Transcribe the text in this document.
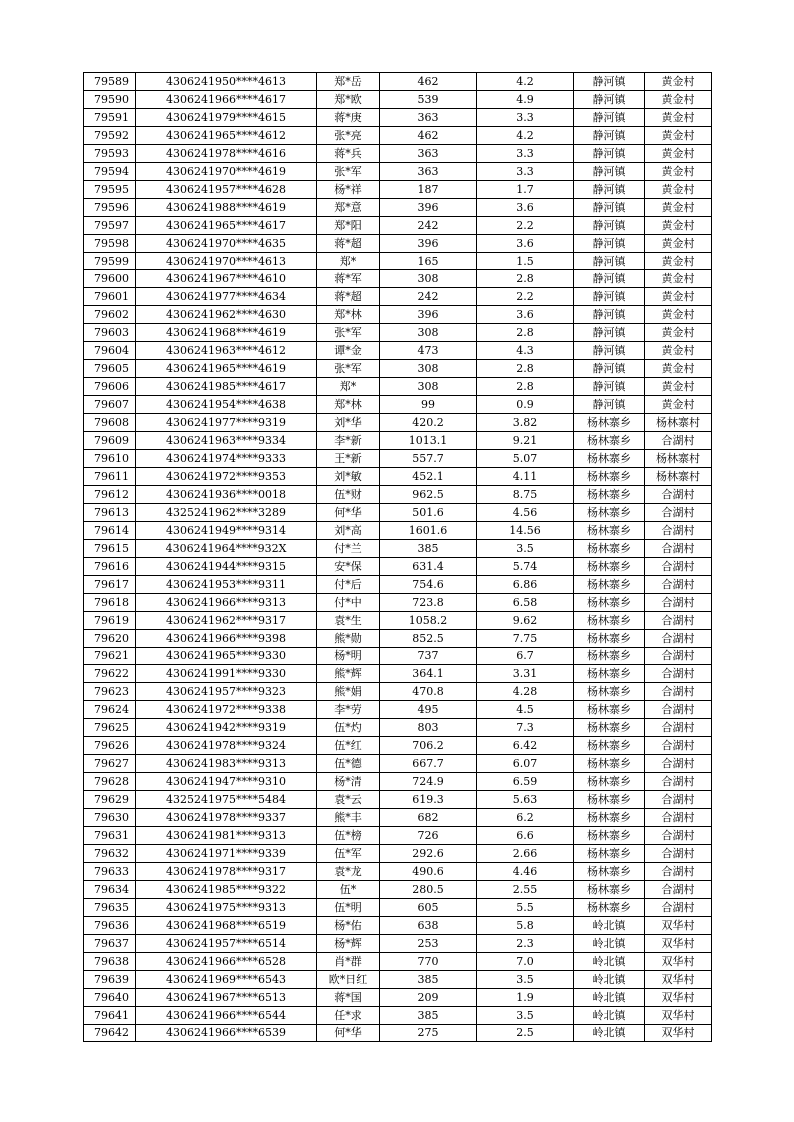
79589	4306241950****4613	郑*岳	462	4.2	静河镇	黄金村
79590	4306241966****4617	郑*欧	539	4.9	静河镇	黄金村
79591	4306241979****4615	蒋*庚	363	3.3	静河镇	黄金村
79592	4306241965****4612	张*亮	462	4.2	静河镇	黄金村
79593	4306241978****4616	蒋*兵	363	3.3	静河镇	黄金村
79594	4306241970****4619	张*军	363	3.3	静河镇	黄金村
79595	4306241957****4628	杨*祥	187	1.7	静河镇	黄金村
79596	4306241988****4619	郑*意	396	3.6	静河镇	黄金村
79597	4306241965****4617	郑*阳	242	2.2	静河镇	黄金村
79598	4306241970****4635	蒋*超	396	3.6	静河镇	黄金村
79599	4306241970****4613	郑*	165	1.5	静河镇	黄金村
79600	4306241967****4610	蒋*军	308	2.8	静河镇	黄金村
79601	4306241977****4634	蒋*超	242	2.2	静河镇	黄金村
79602	4306241962****4630	郑*林	396	3.6	静河镇	黄金村
79603	4306241968****4619	张*军	308	2.8	静河镇	黄金村
79604	4306241963****4612	谭*金	473	4.3	静河镇	黄金村
79605	4306241965****4619	张*军	308	2.8	静河镇	黄金村
79606	4306241985****4617	郑*	308	2.8	静河镇	黄金村
79607	4306241954****4638	郑*林	99	0.9	静河镇	黄金村
79608	4306241977****9319	刘*华	420.2	3.82	杨林寨乡	杨林寨村
79609	4306241963****9334	李*新	1013.1	9.21	杨林寨乡	合湖村
79610	4306241974****9333	王*新	557.7	5.07	杨林寨乡	杨林寨村
79611	4306241972****9353	刘*敏	452.1	4.11	杨林寨乡	杨林寨村
79612	4306241936****0018	伍*财	962.5	8.75	杨林寨乡	合湖村
79613	4325241962****3289	何*华	501.6	4.56	杨林寨乡	合湖村
79614	4306241949****9314	刘*高	1601.6	14.56	杨林寨乡	合湖村
79615	4306241964****932X	付*兰	385	3.5	杨林寨乡	合湖村
79616	4306241944****9315	安*保	631.4	5.74	杨林寨乡	合湖村
79617	4306241953****9311	付*后	754.6	6.86	杨林寨乡	合湖村
79618	4306241966****9313	付*中	723.8	6.58	杨林寨乡	合湖村
79619	4306241962****9317	袁*生	1058.2	9.62	杨林寨乡	合湖村
79620	4306241966****9398	熊*勋	852.5	7.75	杨林寨乡	合湖村
79621	4306241965****9330	杨*明	737	6.7	杨林寨乡	合湖村
79622	4306241991****9330	熊*辉	364.1	3.31	杨林寨乡	合湖村
79623	4306241957****9323	熊*娟	470.8	4.28	杨林寨乡	合湖村
79624	4306241972****9338	李*劳	495	4.5	杨林寨乡	合湖村
79625	4306241942****9319	伍*灼	803	7.3	杨林寨乡	合湖村
79626	4306241978****9324	伍*红	706.2	6.42	杨林寨乡	合湖村
79627	4306241983****9313	伍*德	667.7	6.07	杨林寨乡	合湖村
79628	4306241947****9310	杨*清	724.9	6.59	杨林寨乡	合湖村
79629	4325241975****5484	袁*云	619.3	5.63	杨林寨乡	合湖村
79630	4306241978****9337	熊*丰	682	6.2	杨林寨乡	合湖村
79631	4306241981****9313	伍*榜	726	6.6	杨林寨乡	合湖村
79632	4306241971****9339	伍*军	292.6	2.66	杨林寨乡	合湖村
79633	4306241978****9317	袁*龙	490.6	4.46	杨林寨乡	合湖村
79634	4306241985****9322	伍*	280.5	2.55	杨林寨乡	合湖村
79635	4306241975****9313	伍*明	605	5.5	杨林寨乡	合湖村
79636	4306241968****6519	杨*佑	638	5.8	岭北镇	双华村
79637	4306241957****6514	杨*辉	253	2.3	岭北镇	双华村
79638	4306241966****6528	肖*群	770	7.0	岭北镇	双华村
79639	4306241969****6543	欧*日红	385	3.5	岭北镇	双华村
79640	4306241967****6513	蒋*国	209	1.9	岭北镇	双华村
79641	4306241966****6544	任*求	385	3.5	岭北镇	双华村
79642	4306241966****6539	何*华	275	2.5	岭北镇	双华村
